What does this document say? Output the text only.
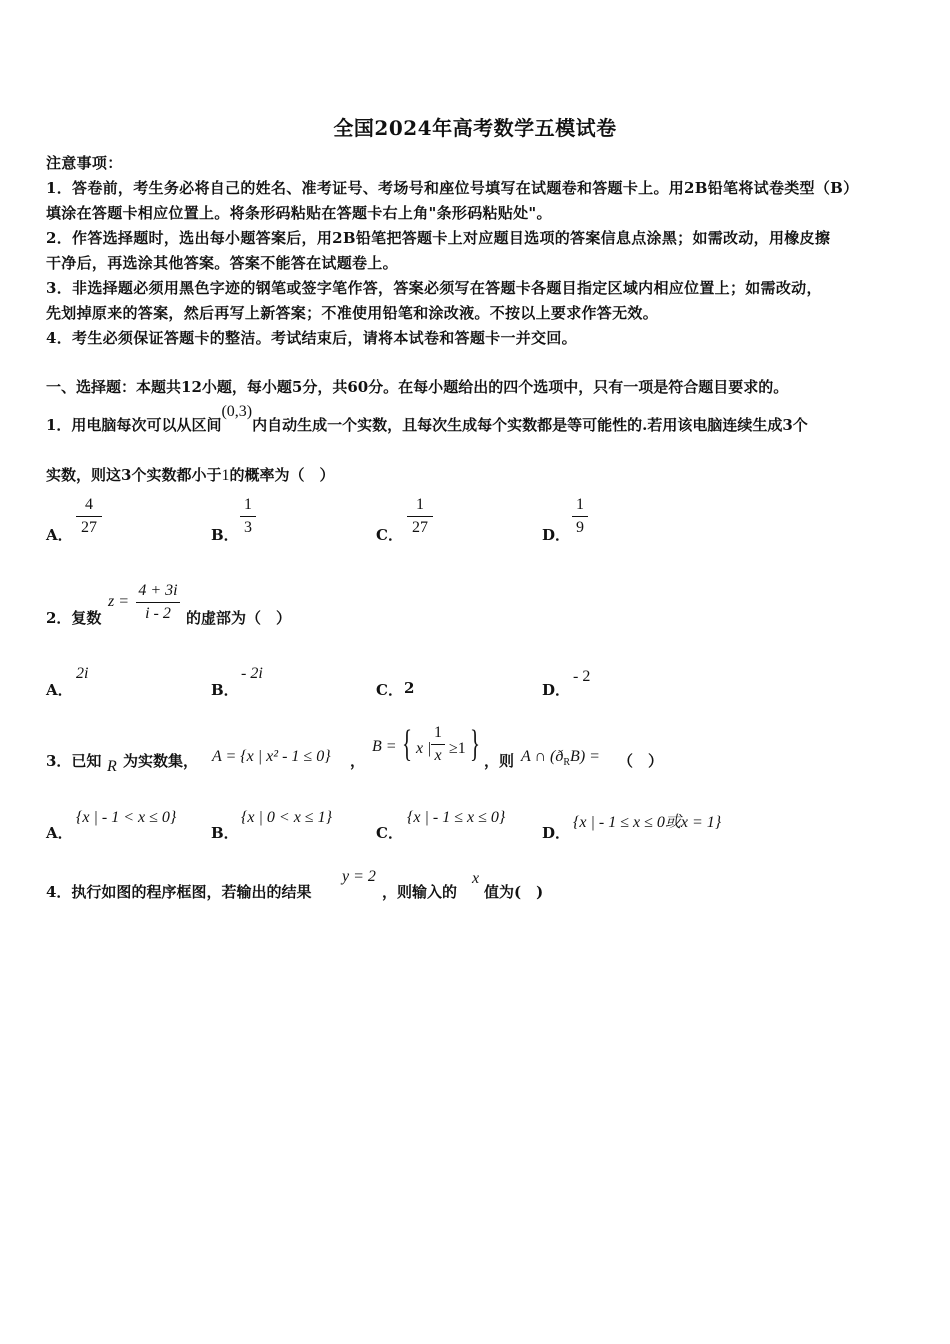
全国2024年高考数学五模试卷
注意事项：
1．答卷前，考生务必将自己的姓名、准考证号、考场号和座位号填写在试题卷和答题卡上。用2B铅笔将试卷类型（B）
填涂在答题卡相应位置上。将条形码粘贴在答题卡右上角"条形码粘贴处"。
2．作答选择题时，选出每小题答案后，用2B铅笔把答题卡上对应题目选项的答案信息点涂黑；如需改动，用橡皮擦
干净后，再选涂其他答案。答案不能答在试题卷上。
3．非选择题必须用黑色字迹的钢笔或签字笔作答，答案必须写在答题卡各题目指定区域内相应位置上；如需改动，
先划掉原来的答案，然后再写上新答案；不准使用铅笔和涂改液。不按以上要求作答无效。
4．考生必须保证答题卡的整洁。考试结束后，请将本试卷和答题卡一并交回。
一、选择题：本题共12小题，每小题5分，共60分。在每小题给出的四个选项中，只有一项是符合题目要求的。
1．用电脑每次可以从区间(0,3)内自动生成一个实数，且每次生成每个实数都是等可能性的.若用该电脑连续生成3个
实数，则这3个实数都小于1的概率为（　）
A．
4
27	B．
1
3	C．
1
27	D．
1
9
2．复数
z =
4 + 3i
i - 2	的虚部为（　）
A．
2i
B．
- 2i
C． 2	D．
- 2
3．已知 R 为实数集， A = {x | x² - 1 ≤ 0} ，
B = { x |
1
x ≥1 } ，则 A ∩ $(ð_RB)$ = （　）
A．
{x | - 1 < x ≤ 0}
B．
{x | 0 < x ≤ 1}
C．
{x | - 1 ≤ x ≤ 0}
D．
{x | - 1 ≤ x ≤ 0或x = 1}
4．执行如图的程序框图，若输出的结果
y = 2
，则输入的
x
值为(　)
